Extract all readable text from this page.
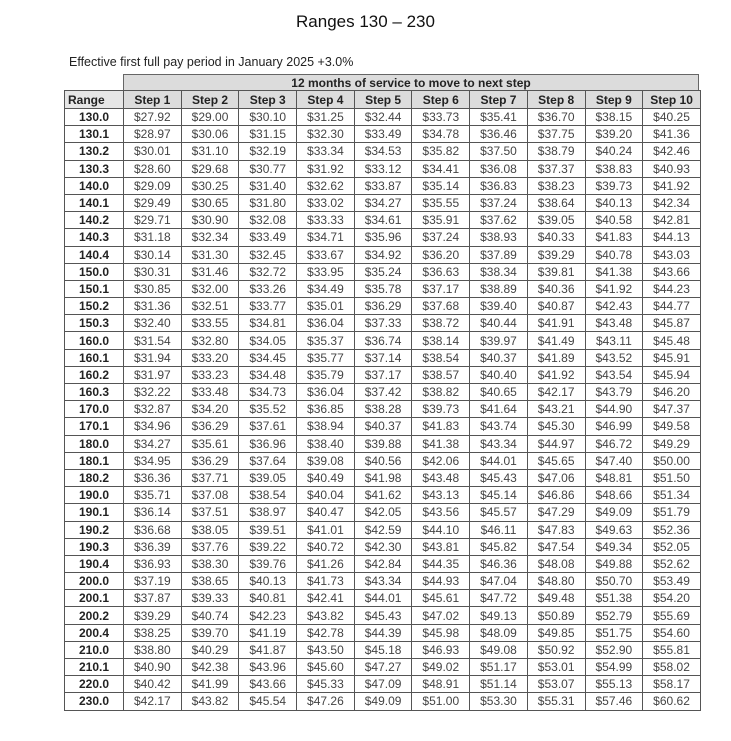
Ranges 130 – 230
Effective first full pay period in January 2025 +3.0%
12 months of service to move to next step
Range	Step 1	Step 2	Step 3	Step 4	Step 5	Step 6	Step 7	Step 8	Step 9	Step 10
130.0	$27.92	$29.00	$30.10	$31.25	$32.44	$33.73	$35.41	$36.70	$38.15	$40.25
130.1	$28.97	$30.06	$31.15	$32.30	$33.49	$34.78	$36.46	$37.75	$39.20	$41.36
130.2	$30.01	$31.10	$32.19	$33.34	$34.53	$35.82	$37.50	$38.79	$40.24	$42.46
130.3	$28.60	$29.68	$30.77	$31.92	$33.12	$34.41	$36.08	$37.37	$38.83	$40.93
140.0	$29.09	$30.25	$31.40	$32.62	$33.87	$35.14	$36.83	$38.23	$39.73	$41.92
140.1	$29.49	$30.65	$31.80	$33.02	$34.27	$35.55	$37.24	$38.64	$40.13	$42.34
140.2	$29.71	$30.90	$32.08	$33.33	$34.61	$35.91	$37.62	$39.05	$40.58	$42.81
140.3	$31.18	$32.34	$33.49	$34.71	$35.96	$37.24	$38.93	$40.33	$41.83	$44.13
140.4	$30.14	$31.30	$32.45	$33.67	$34.92	$36.20	$37.89	$39.29	$40.78	$43.03
150.0	$30.31	$31.46	$32.72	$33.95	$35.24	$36.63	$38.34	$39.81	$41.38	$43.66
150.1	$30.85	$32.00	$33.26	$34.49	$35.78	$37.17	$38.89	$40.36	$41.92	$44.23
150.2	$31.36	$32.51	$33.77	$35.01	$36.29	$37.68	$39.40	$40.87	$42.43	$44.77
150.3	$32.40	$33.55	$34.81	$36.04	$37.33	$38.72	$40.44	$41.91	$43.48	$45.87
160.0	$31.54	$32.80	$34.05	$35.37	$36.74	$38.14	$39.97	$41.49	$43.11	$45.48
160.1	$31.94	$33.20	$34.45	$35.77	$37.14	$38.54	$40.37	$41.89	$43.52	$45.91
160.2	$31.97	$33.23	$34.48	$35.79	$37.17	$38.57	$40.40	$41.92	$43.54	$45.94
160.3	$32.22	$33.48	$34.73	$36.04	$37.42	$38.82	$40.65	$42.17	$43.79	$46.20
170.0	$32.87	$34.20	$35.52	$36.85	$38.28	$39.73	$41.64	$43.21	$44.90	$47.37
170.1	$34.96	$36.29	$37.61	$38.94	$40.37	$41.83	$43.74	$45.30	$46.99	$49.58
180.0	$34.27	$35.61	$36.96	$38.40	$39.88	$41.38	$43.34	$44.97	$46.72	$49.29
180.1	$34.95	$36.29	$37.64	$39.08	$40.56	$42.06	$44.01	$45.65	$47.40	$50.00
180.2	$36.36	$37.71	$39.05	$40.49	$41.98	$43.48	$45.43	$47.06	$48.81	$51.50
190.0	$35.71	$37.08	$38.54	$40.04	$41.62	$43.13	$45.14	$46.86	$48.66	$51.34
190.1	$36.14	$37.51	$38.97	$40.47	$42.05	$43.56	$45.57	$47.29	$49.09	$51.79
190.2	$36.68	$38.05	$39.51	$41.01	$42.59	$44.10	$46.11	$47.83	$49.63	$52.36
190.3	$36.39	$37.76	$39.22	$40.72	$42.30	$43.81	$45.82	$47.54	$49.34	$52.05
190.4	$36.93	$38.30	$39.76	$41.26	$42.84	$44.35	$46.36	$48.08	$49.88	$52.62
200.0	$37.19	$38.65	$40.13	$41.73	$43.34	$44.93	$47.04	$48.80	$50.70	$53.49
200.1	$37.87	$39.33	$40.81	$42.41	$44.01	$45.61	$47.72	$49.48	$51.38	$54.20
200.2	$39.29	$40.74	$42.23	$43.82	$45.43	$47.02	$49.13	$50.89	$52.79	$55.69
200.4	$38.25	$39.70	$41.19	$42.78	$44.39	$45.98	$48.09	$49.85	$51.75	$54.60
210.0	$38.80	$40.29	$41.87	$43.50	$45.18	$46.93	$49.08	$50.92	$52.90	$55.81
210.1	$40.90	$42.38	$43.96	$45.60	$47.27	$49.02	$51.17	$53.01	$54.99	$58.02
220.0	$40.42	$41.99	$43.66	$45.33	$47.09	$48.91	$51.14	$53.07	$55.13	$58.17
230.0	$42.17	$43.82	$45.54	$47.26	$49.09	$51.00	$53.30	$55.31	$57.46	$60.62
